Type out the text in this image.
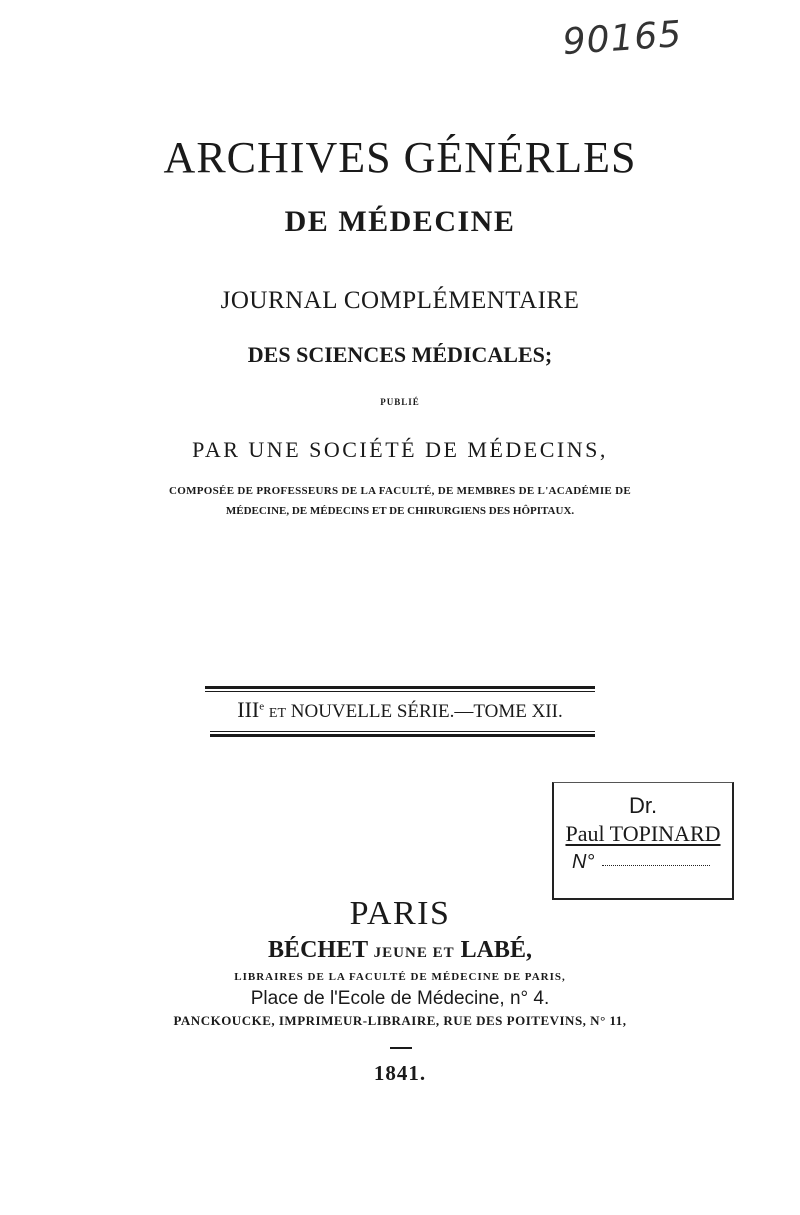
90165
ARCHIVES GÉNÉRLES
DE MÉDECINE
JOURNAL COMPLÉMENTAIRE
DES SCIENCES MÉDICALES;
PUBLIÉ
PAR UNE SOCIÉTÉ DE MÉDECINS,
COMPOSÉE DE PROFESSEURS DE LA FACULTÉ, DE MEMBRES DE L'ACADÉMIE DE
MÉDECINE, DE MÉDECINS ET DE CHIRURGIENS DES HÔPITAUX.
IIIe ET NOUVELLE SÉRIE.—TOME XII.
Dr.
Paul TOPINARD
N°
PARIS
BÉCHET JEUNE ET LABÉ,
LIBRAIRES DE LA FACULTÉ DE MÉDECINE DE PARIS,
Place de l'Ecole de Médecine, n° 4.
PANCKOUCKE, IMPRIMEUR-LIBRAIRE, RUE DES POITEVINS, N° 11,
1841.
